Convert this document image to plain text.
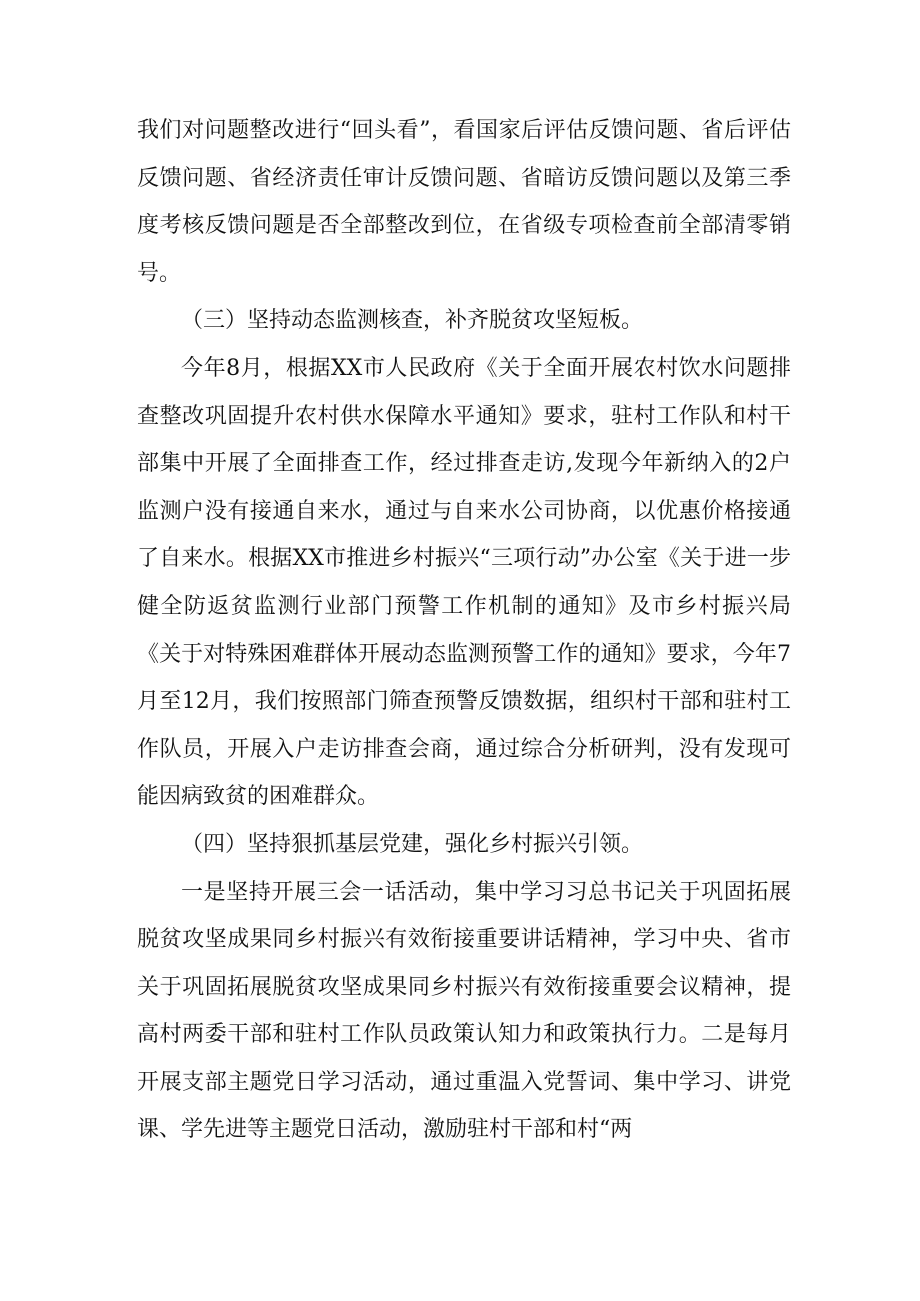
我们对问题整改进行“回头看”，看国家后评估反馈问题、省后评估反馈问题、省经济责任审计反馈问题、省暗访反馈问题以及第三季度考核反馈问题是否全部整改到位，在省级专项检查前全部清零销号。

（三）坚持动态监测核查，补齐脱贫攻坚短板。

今年8月，根据XX市人民政府《关于全面开展农村饮水问题排查整改巩固提升农村供水保障水平通知》要求，驻村工作队和村干部集中开展了全面排查工作，经过排查走访,发现今年新纳入的2户监测户没有接通自来水，通过与自来水公司协商，以优惠价格接通了自来水。根据XX市推进乡村振兴“三项行动”办公室《关于进一步健全防返贫监测行业部门预警工作机制的通知》及市乡村振兴局《关于对特殊困难群体开展动态监测预警工作的通知》要求，今年7月至12月，我们按照部门筛查预警反馈数据，组织村干部和驻村工作队员，开展入户走访排查会商，通过综合分析研判，没有发现可能因病致贫的困难群众。

（四）坚持狠抓基层党建，强化乡村振兴引领。

一是坚持开展三会一话活动，集中学习习总书记关于巩固拓展脱贫攻坚成果同乡村振兴有效衔接重要讲话精神，学习中央、省市关于巩固拓展脱贫攻坚成果同乡村振兴有效衔接重要会议精神，提高村两委干部和驻村工作队员政策认知力和政策执行力。二是每月开展支部主题党日学习活动，通过重温入党誓词、集中学习、讲党课、学先进等主题党日活动，激励驻村干部和村“两
